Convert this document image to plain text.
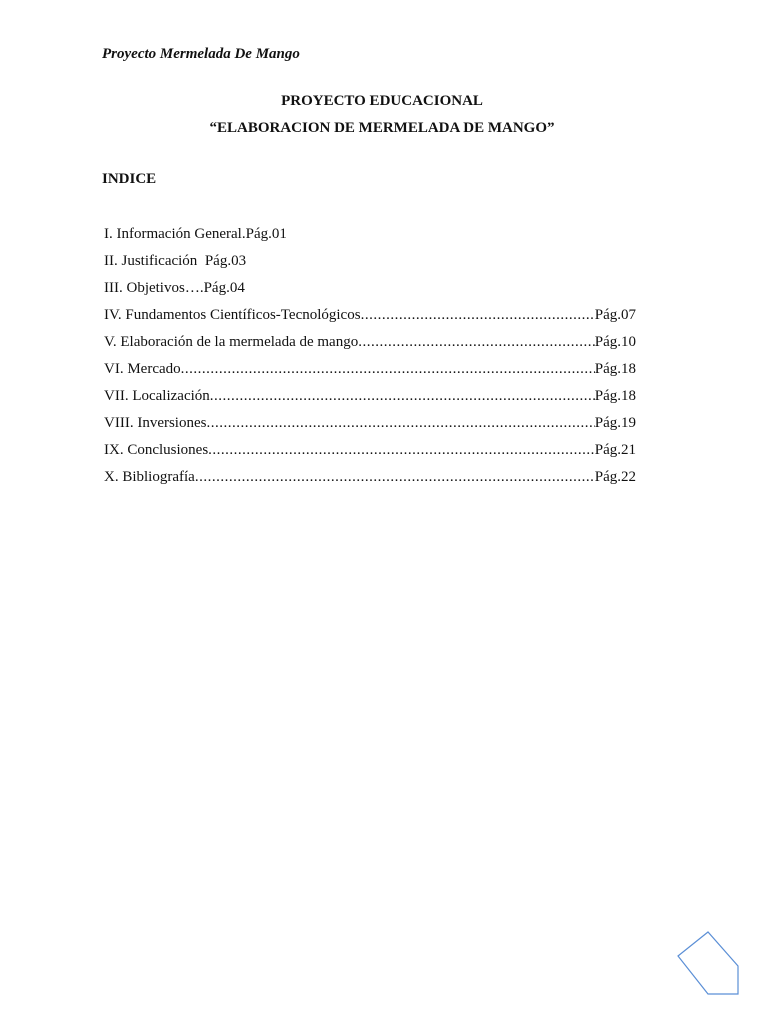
Proyecto Mermelada De Mango
PROYECTO EDUCACIONAL
“ELABORACION DE MERMELADA DE MANGO”
INDICE
I. Información General. Pág.01
II. Justificación Pág.03
III. Objetivos…. Pág.04
IV. Fundamentos Científicos-Tecnológicos .....	Pág.07
V. Elaboración de la mermelada de mango .....	Pág.10
VI. Mercado .....	Pág.18
VII. Localización .....	Pág.18
VIII. Inversiones .....	Pág.19
IX. Conclusiones .....	Pág.21
X. Bibliografía .....	Pág.22
